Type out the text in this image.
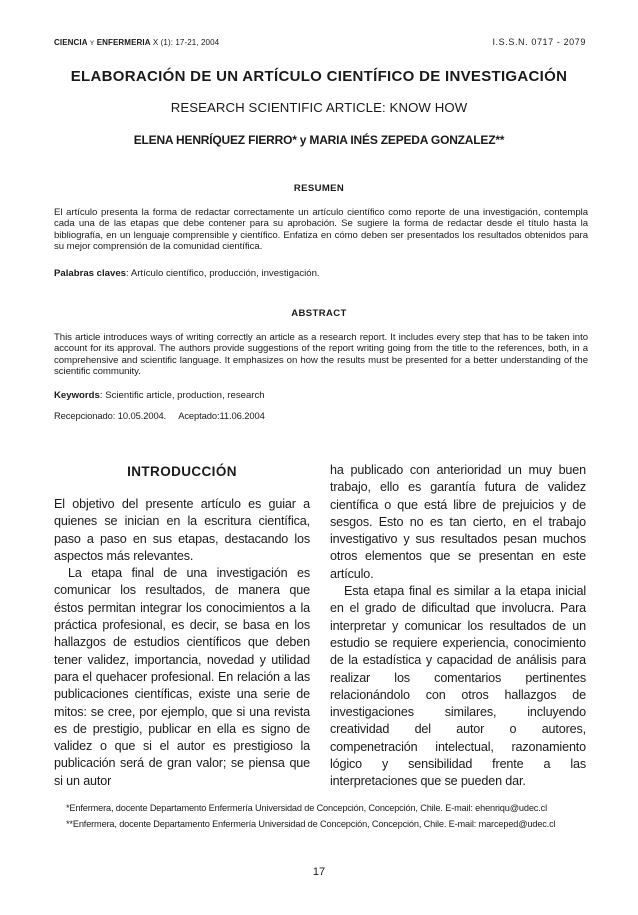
CIENCIA Y ENFERMERIA X (1): 17-21, 2004	I.S.S.N. 0717 - 2079
ELABORACIÓN DE UN ARTÍCULO CIENTÍFICO DE INVESTIGACIÓN
RESEARCH SCIENTIFIC ARTICLE: KNOW HOW
ELENA HENRÍQUEZ FIERRO* y MARIA INÉS ZEPEDA GONZALEZ**
RESUMEN
El artículo presenta la forma de redactar correctamente un artículo científico como reporte de una investigación, contempla cada una de las etapas que debe contener para su aprobación. Se sugiere la forma de redactar desde el título hasta la bibliografía, en un lenguaje comprensible y científico. Enfatiza en cómo deben ser presentados los resultados obtenidos para su mejor comprensión de la comunidad científica.
Palabras claves: Artículo científico, producción, investigación.
ABSTRACT
This article introduces ways of writing correctly an article as a research report. It includes every step that has to be taken into account for its approval. The authors provide suggestions of the report writing going from the title to the references, both, in a comprehensive and scientific language. It emphasizes on how the results must be presented for a better understanding of the scientific community.
Keywords: Scientific article, production, research
Recepcionado: 10.05.2004. Aceptado:11.06.2004
INTRODUCCIÓN

El objetivo del presente artículo es guiar a quienes se inician en la escritura científica, paso a paso en sus etapas, destacando los aspectos más relevantes.

La etapa final de una investigación es comunicar los resultados, de manera que éstos permitan integrar los conocimientos a la práctica profesional, es decir, se basa en los hallazgos de estudios científicos que deben tener validez, importancia, novedad y utilidad para el quehacer profesional. En relación a las publicaciones científicas, existe una serie de mitos: se cree, por ejemplo, que si una revista es de prestigio, publicar en ella es signo de validez o que si el autor es prestigioso la publicación será de gran valor; se piensa que si un autor

ha publicado con anterioridad un muy buen trabajo, ello es garantía futura de validez científica o que está libre de prejuicios y de sesgos. Esto no es tan cierto, en el trabajo investigativo y sus resultados pesan muchos otros elementos que se presentan en este artículo.

Esta etapa final es similar a la etapa inicial en el grado de dificultad que involucra. Para interpretar y comunicar los resultados de un estudio se requiere experiencia, conocimiento de la estadística y capacidad de análisis para realizar los comentarios pertinentes relacionándolo con otros hallazgos de investigaciones similares, incluyendo creatividad del autor o autores, compenetración intelectual, razonamiento lógico y sensibilidad frente a las interpretaciones que se pueden dar.

*Enfermera, docente Departamento Enfermería Universidad de Concepción, Concepción, Chile. E-mail: ehenriqu@udec.cl
**Enfermera, docente Departamento Enfermería Universidad de Concepción, Concepción, Chile. E-mail: marceped@udec.cl
17
